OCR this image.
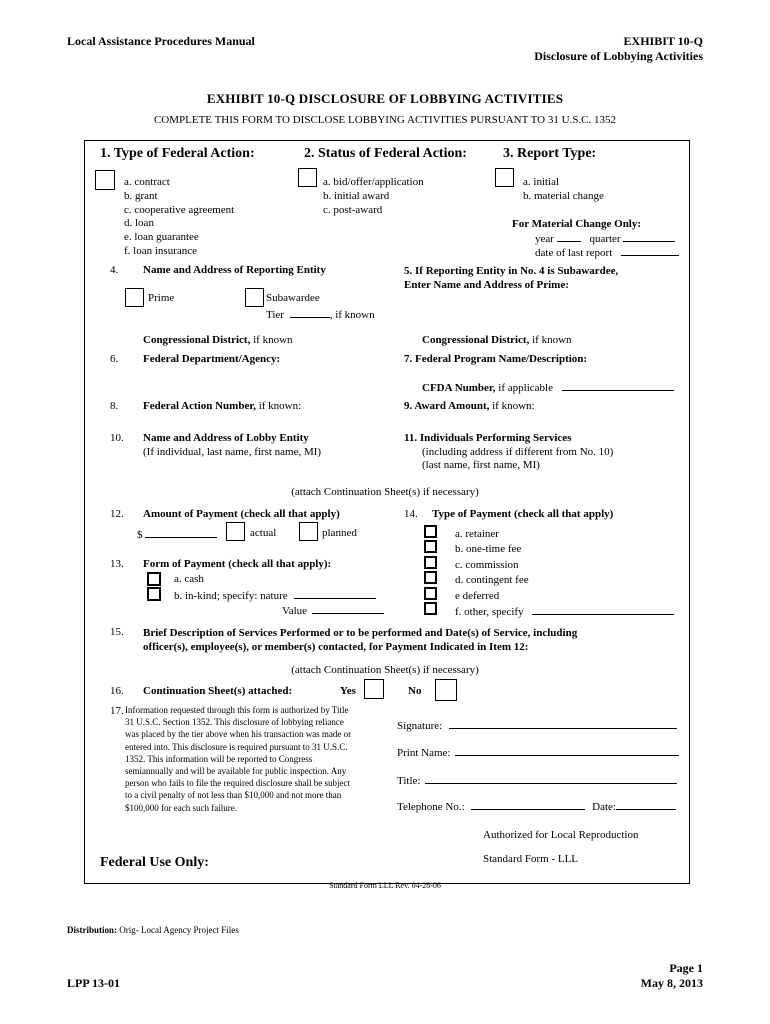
Local Assistance Procedures Manual	EXHIBIT 10-Q
Disclosure of Lobbying Activities
EXHIBIT 10-Q DISCLOSURE OF LOBBYING ACTIVITIES
COMPLETE THIS FORM TO DISCLOSE LOBBYING ACTIVITIES PURSUANT TO 31 U.S.C. 1352
1. Type of Federal Action:
a. contract
b. grant
c. cooperative agreement
d. loan
e. loan guarantee
f. loan insurance
2. Status of Federal Action:
a. bid/offer/application
b. initial award
c. post-award
3. Report Type:
a. initial
b. material change
For Material Change Only:
year	quarter
date of last report
4. Name and Address of Reporting Entity
Prime	Subawardee
Tier	, if known
5. If Reporting Entity in No. 4 is Subawardee,
Enter Name and Address of Prime:
Congressional District, if known	Congressional District, if known
6. Federal Department/Agency:	7. Federal Program Name/Description:
CFDA Number, if applicable
8. Federal Action Number, if known:	9. Award Amount, if known:
10. Name and Address of Lobby Entity
(If individual, last name, first name, MI)
11. Individuals Performing Services
(including address if different from No. 10)
(last name, first name, MI)
(attach Continuation Sheet(s) if necessary)
12. Amount of Payment (check all that apply)
$	actual	planned
13. Form of Payment (check all that apply):
a. cash
b. in-kind; specify: nature
Value
14. Type of Payment (check all that apply)
a. retainer
b. one-time fee
c. commission
d. contingent fee
e deferred
f. other, specify
15. Brief Description of Services Performed or to be performed and Date(s) of Service, including
officer(s), employee(s), or member(s) contacted, for Payment Indicated in Item 12:
(attach Continuation Sheet(s) if necessary)
16. Continuation Sheet(s) attached:	Yes	No
17. Information requested through this form is authorized by Title
31 U.S.C. Section 1352. This disclosure of lobbying reliance
was placed by the tier above when his transaction was made or
entered into. This disclosure is required pursuant to 31 U.S.C.
1352. This information will be reported to Congress
semiannually and will be available for public inspection. Any
person who fails to file the required disclosure shall be subject
to a civil penalty of not less than $10,000 and not more than
$100,000 for each such failure.
Signature:
Print Name:
Title:
Telephone No.:	Date:
Authorized for Local Reproduction
Federal Use Only:	Standard Form - LLL
Standard Form LLL Rev. 04-28-06
Distribution: Orig- Local Agency Project Files
LPP 13-01
Page 1
May 8, 2013
